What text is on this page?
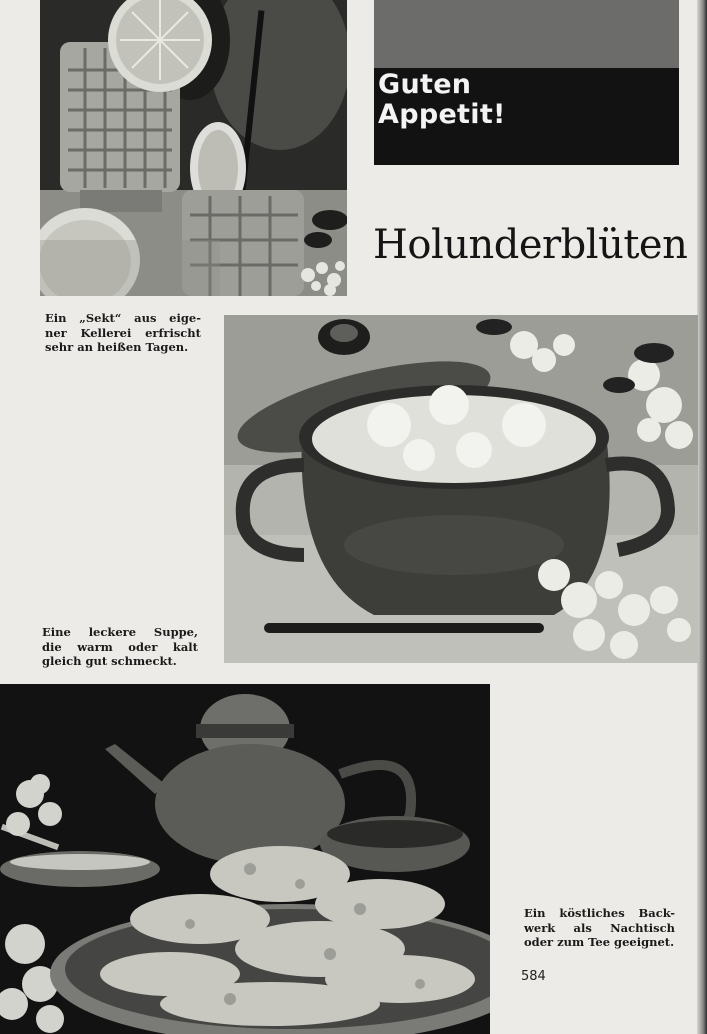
Guten
Appetit!
Holunderblüten
Ein „Sekt“ aus eige-
ner Kellerei erfrischt
sehr an heißen Tagen.
Eine leckere Suppe,
die warm oder kalt
gleich gut schmeckt.
Ein köstliches Back-
werk als Nachtisch
oder zum Tee geeignet.
584
